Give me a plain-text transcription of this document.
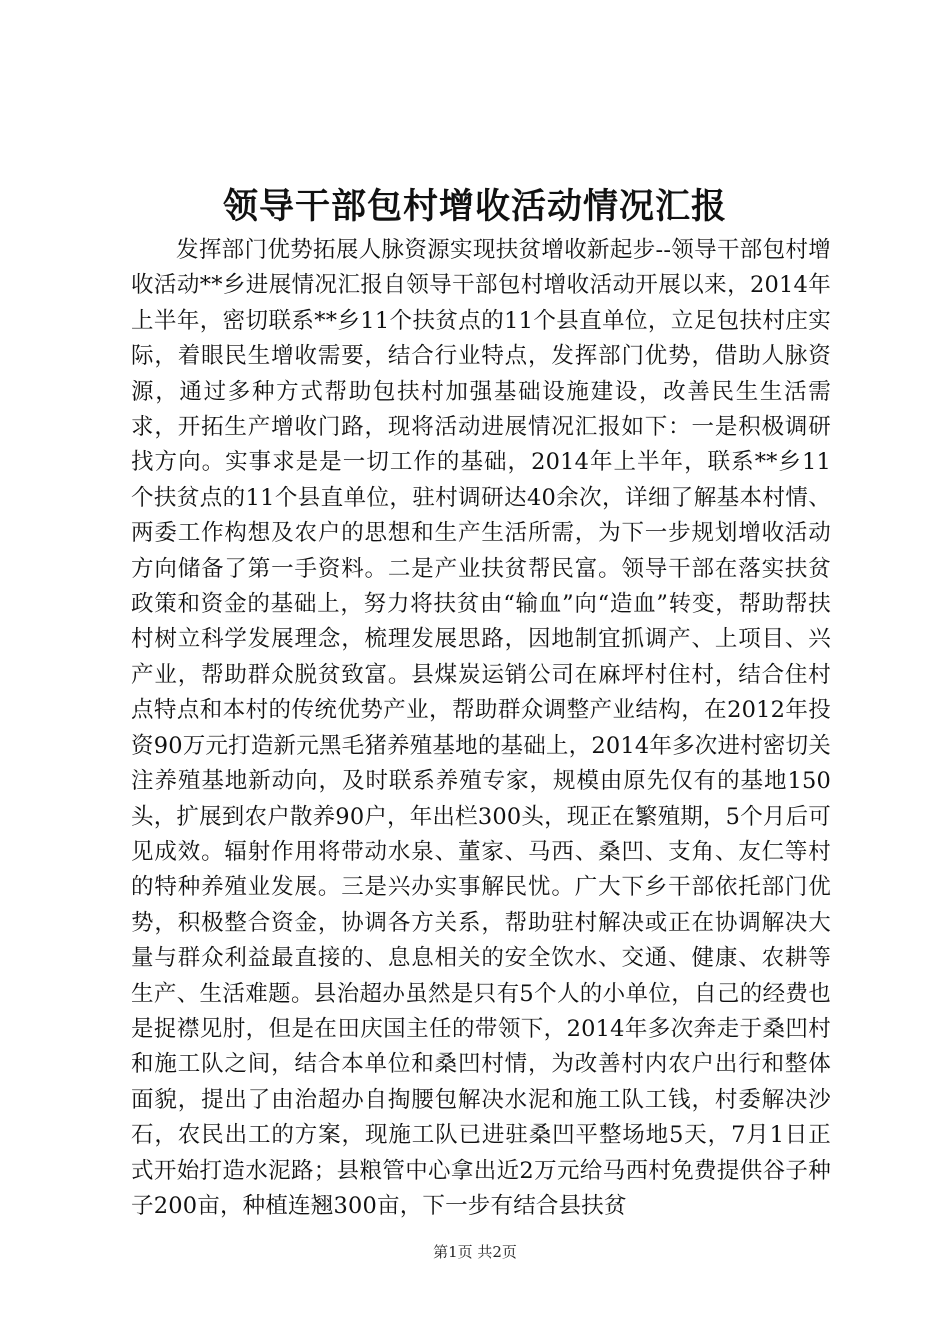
领导干部包村增收活动情况汇报

发挥部门优势拓展人脉资源实现扶贫增收新起步--领导干部包村增收活动**乡进展情况汇报自领导干部包村增收活动开展以来，2014年上半年，密切联系**乡11个扶贫点的11个县直单位，立足包扶村庄实际，着眼民生增收需要，结合行业特点，发挥部门优势，借助人脉资源，通过多种方式帮助包扶村加强基础设施建设，改善民生生活需求，开拓生产增收门路，现将活动进展情况汇报如下：一是积极调研找方向。实事求是是一切工作的基础，2014年上半年，联系**乡11个扶贫点的11个县直单位，驻村调研达40余次，详细了解基本村情、两委工作构想及农户的思想和生产生活所需，为下一步规划增收活动方向储备了第一手资料。二是产业扶贫帮民富。领导干部在落实扶贫政策和资金的基础上，努力将扶贫由“输血”向“造血”转变，帮助帮扶村树立科学发展理念，梳理发展思路，因地制宜抓调产、上项目、兴产业，帮助群众脱贫致富。县煤炭运销公司在麻坪村住村，结合住村点特点和本村的传统优势产业，帮助群众调整产业结构，在2012年投资90万元打造新元黑毛猪养殖基地的基础上，2014年多次进村密切关注养殖基地新动向，及时联系养殖专家，规模由原先仅有的基地150头，扩展到农户散养90户，年出栏300头，现正在繁殖期，5个月后可见成效。辐射作用将带动水泉、董家、马西、桑凹、支角、友仁等村的特种养殖业发展。三是兴办实事解民忧。广大下乡干部依托部门优势，积极整合资金，协调各方关系，帮助驻村解决或正在协调解决大量与群众利益最直接的、息息相关的安全饮水、交通、健康、农耕等生产、生活难题。县治超办虽然是只有5个人的小单位，自己的经费也是捉襟见肘，但是在田庆国主任的带领下，2014年多次奔走于桑凹村和施工队之间，结合本单位和桑凹村情，为改善村内农户出行和整体面貌，提出了由治超办自掏腰包解决水泥和施工队工钱，村委解决沙石，农民出工的方案，现施工队已进驻桑凹平整场地5天，7月1日正式开始打造水泥路；县粮管中心拿出近2万元给马西村免费提供谷子种子200亩，种植连翘300亩，下一步有结合县扶贫

第1页 共2页
